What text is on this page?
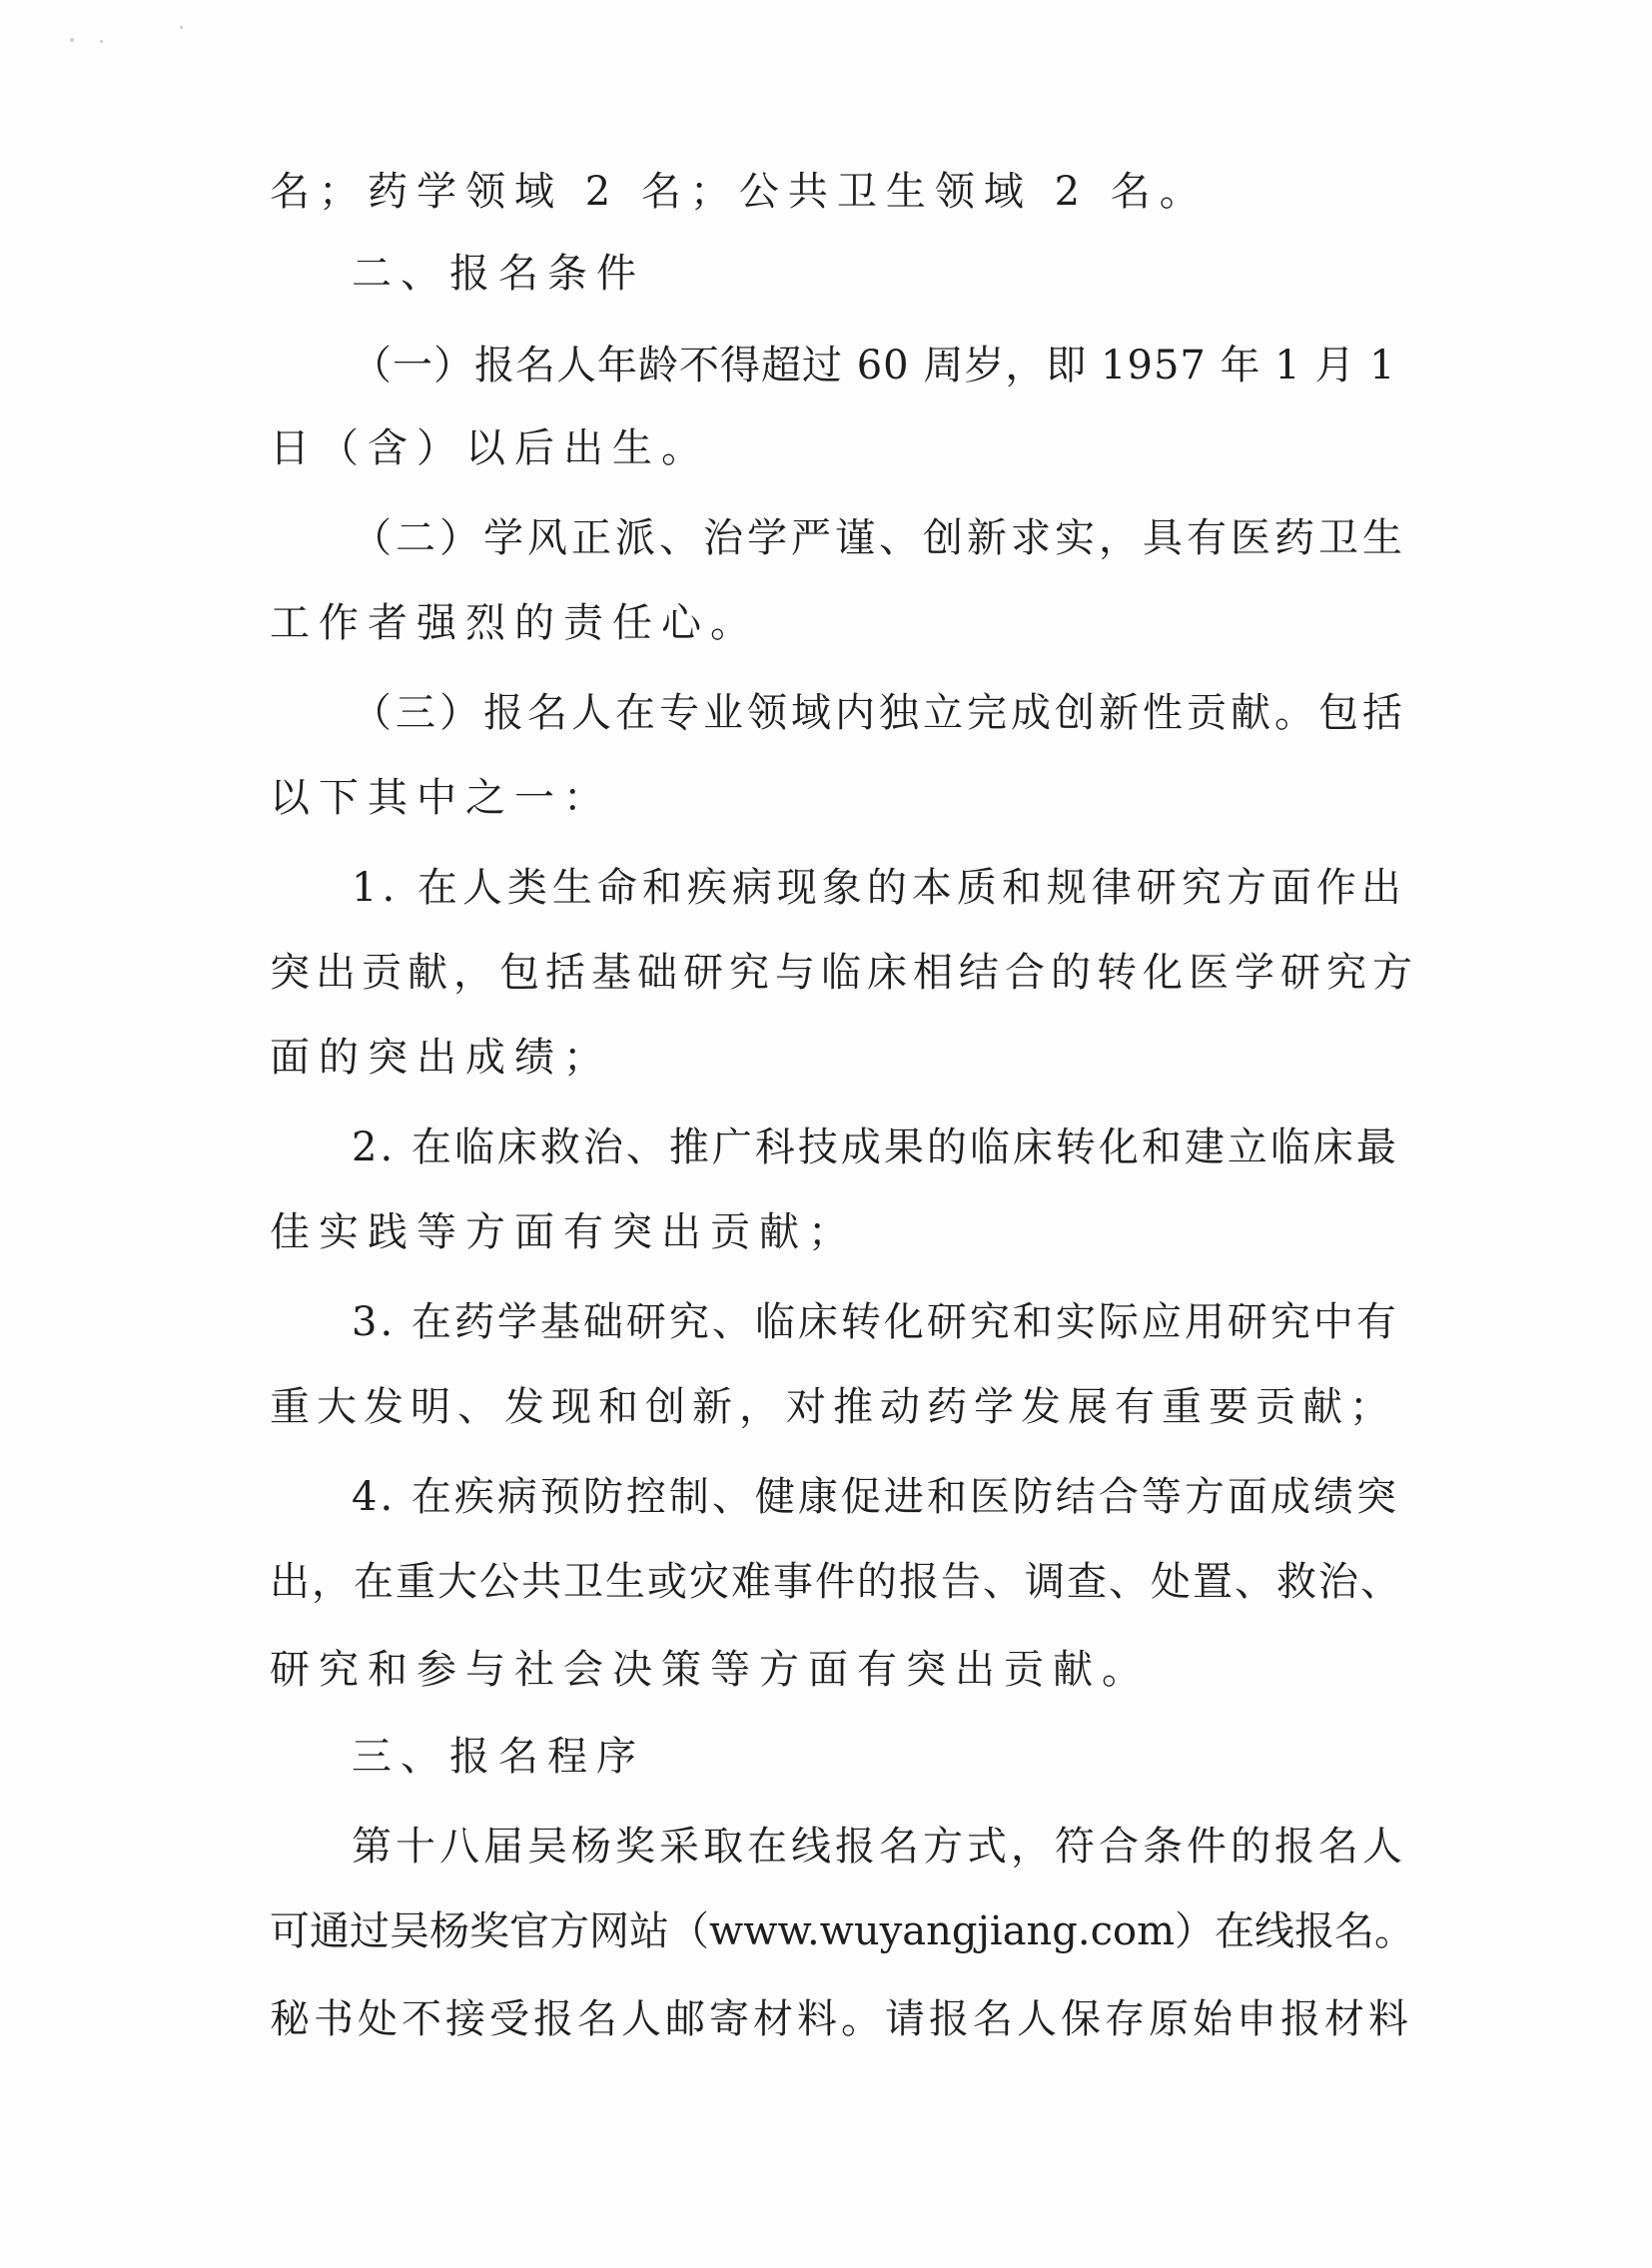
名；药学领域 2 名；公共卫生领域 2 名。
二、报名条件
（一）报名人年龄不得超过 60 周岁，即 1957 年 1 月 1
日（含）以后出生。
（二）学风正派、治学严谨、创新求实，具有医药卫生
工作者强烈的责任心。
（三）报名人在专业领域内独立完成创新性贡献。包括
以下其中之一：
1. 在人类生命和疾病现象的本质和规律研究方面作出
突出贡献，包括基础研究与临床相结合的转化医学研究方
面的突出成绩；
2. 在临床救治、推广科技成果的临床转化和建立临床最
佳实践等方面有突出贡献；
3. 在药学基础研究、临床转化研究和实际应用研究中有
重大发明、发现和创新，对推动药学发展有重要贡献；
4. 在疾病预防控制、健康促进和医防结合等方面成绩突
出，在重大公共卫生或灾难事件的报告、调查、处置、救治、
研究和参与社会决策等方面有突出贡献。
三、报名程序
第十八届吴杨奖采取在线报名方式，符合条件的报名人
可通过吴杨奖官方网站（www.wuyangjiang.com）在线报名。
秘书处不接受报名人邮寄材料。请报名人保存原始申报材料
